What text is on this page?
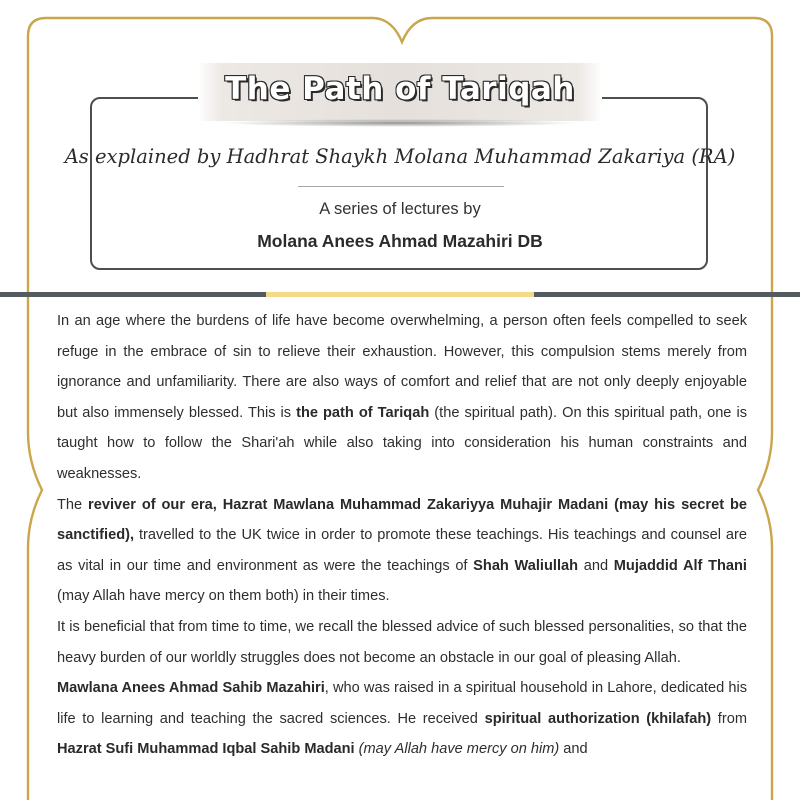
The Path of Tariqah
As explained by Hadhrat Shaykh Molana Muhammad Zakariya (RA)
A series of lectures by
Molana Anees Ahmad Mazahiri DB

In an age where the burdens of life have become overwhelming, a person often feels compelled to seek refuge in the embrace of sin to relieve their exhaustion. However, this compulsion stems merely from ignorance and unfamiliarity. There are also ways of comfort and relief that are not only deeply enjoyable but also immensely blessed. This is the path of Tariqah (the spiritual path). On this spiritual path, one is taught how to follow the Shari'ah while also taking into consideration his human constraints and weaknesses.

The reviver of our era, Hazrat Mawlana Muhammad Zakariyya Muhajir Madani (may his secret be sanctified), travelled to the UK twice in order to promote these teachings. His teachings and counsel are as vital in our time and environment as were the teachings of Shah Waliullah and Mujaddid Alf Thani (may Allah have mercy on them both) in their times.

It is beneficial that from time to time, we recall the blessed advice of such blessed personalities, so that the heavy burden of our worldly struggles does not become an obstacle in our goal of pleasing Allah.

Mawlana Anees Ahmad Sahib Mazahiri, who was raised in a spiritual household in Lahore, dedicated his life to learning and teaching the sacred sciences. He received spiritual authorization (khilafah) from Hazrat Sufi Muhammad Iqbal Sahib Madani (may Allah have mercy on him) and
